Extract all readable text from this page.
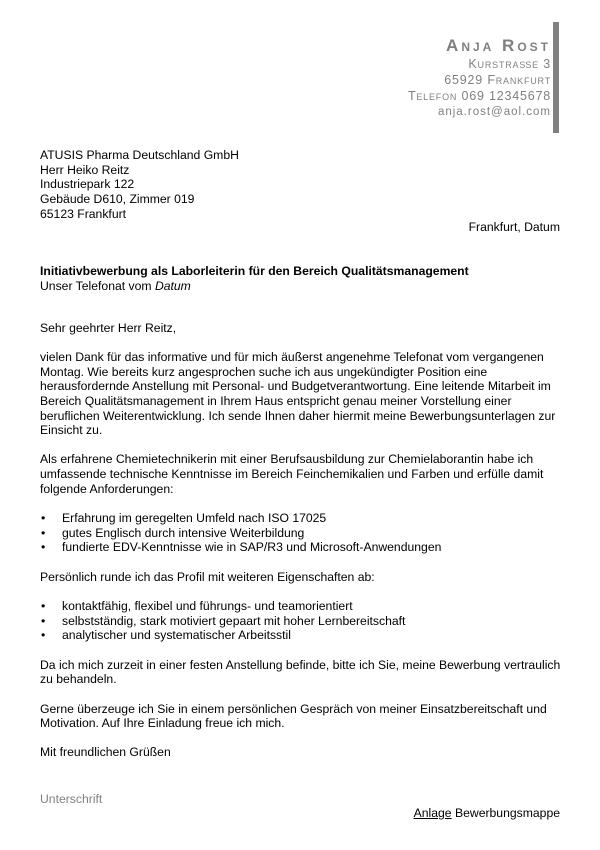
Anja Rost
Kurstraße 3
65929 Frankfurt
Telefon 069 12345678
anja.rost@aol.com
ATUSIS Pharma Deutschland GmbH
Herr Heiko Reitz
Industriepark 122
Gebäude D610, Zimmer 019
65123 Frankfurt
Frankfurt, Datum
Initiativbewerbung als Laborleiterin für den Bereich Qualitätsmanagement
Unser Telefonat vom Datum

Sehr geehrter Herr Reitz,

vielen Dank für das informative und für mich äußerst angenehme Telefonat vom vergangenen Montag. Wie bereits kurz angesprochen suche ich aus ungekündigter Position eine herausfordernde Anstellung mit Personal- und Budgetverantwortung. Eine leitende Mitarbeit im Bereich Qualitätsmanagement in Ihrem Haus entspricht genau meiner Vorstellung einer beruflichen Weiterentwicklung. Ich sende Ihnen daher hiermit meine Bewerbungsunterlagen zur Einsicht zu.

Als erfahrene Chemietechnikerin mit einer Berufsausbildung zur Chemielaborantin habe ich umfassende technische Kenntnisse im Bereich Feinchemikalien und Farben und erfülle damit folgende Anforderungen:

• Erfahrung im geregelten Umfeld nach ISO 17025
• gutes Englisch durch intensive Weiterbildung
• fundierte EDV-Kenntnisse wie in SAP/R3 und Microsoft-Anwendungen

Persönlich runde ich das Profil mit weiteren Eigenschaften ab:

• kontaktfähig, flexibel und führungs- und teamorientiert
• selbstständig, stark motiviert gepaart mit hoher Lernbereitschaft
• analytischer und systematischer Arbeitsstil

Da ich mich zurzeit in einer festen Anstellung befinde, bitte ich Sie, meine Bewerbung vertraulich zu behandeln.

Gerne überzeuge ich Sie in einem persönlichen Gespräch von meiner Einsatzbereitschaft und Motivation. Auf Ihre Einladung freue ich mich.

Mit freundlichen Grüßen

Unterschrift
Anlage Bewerbungsmappe
